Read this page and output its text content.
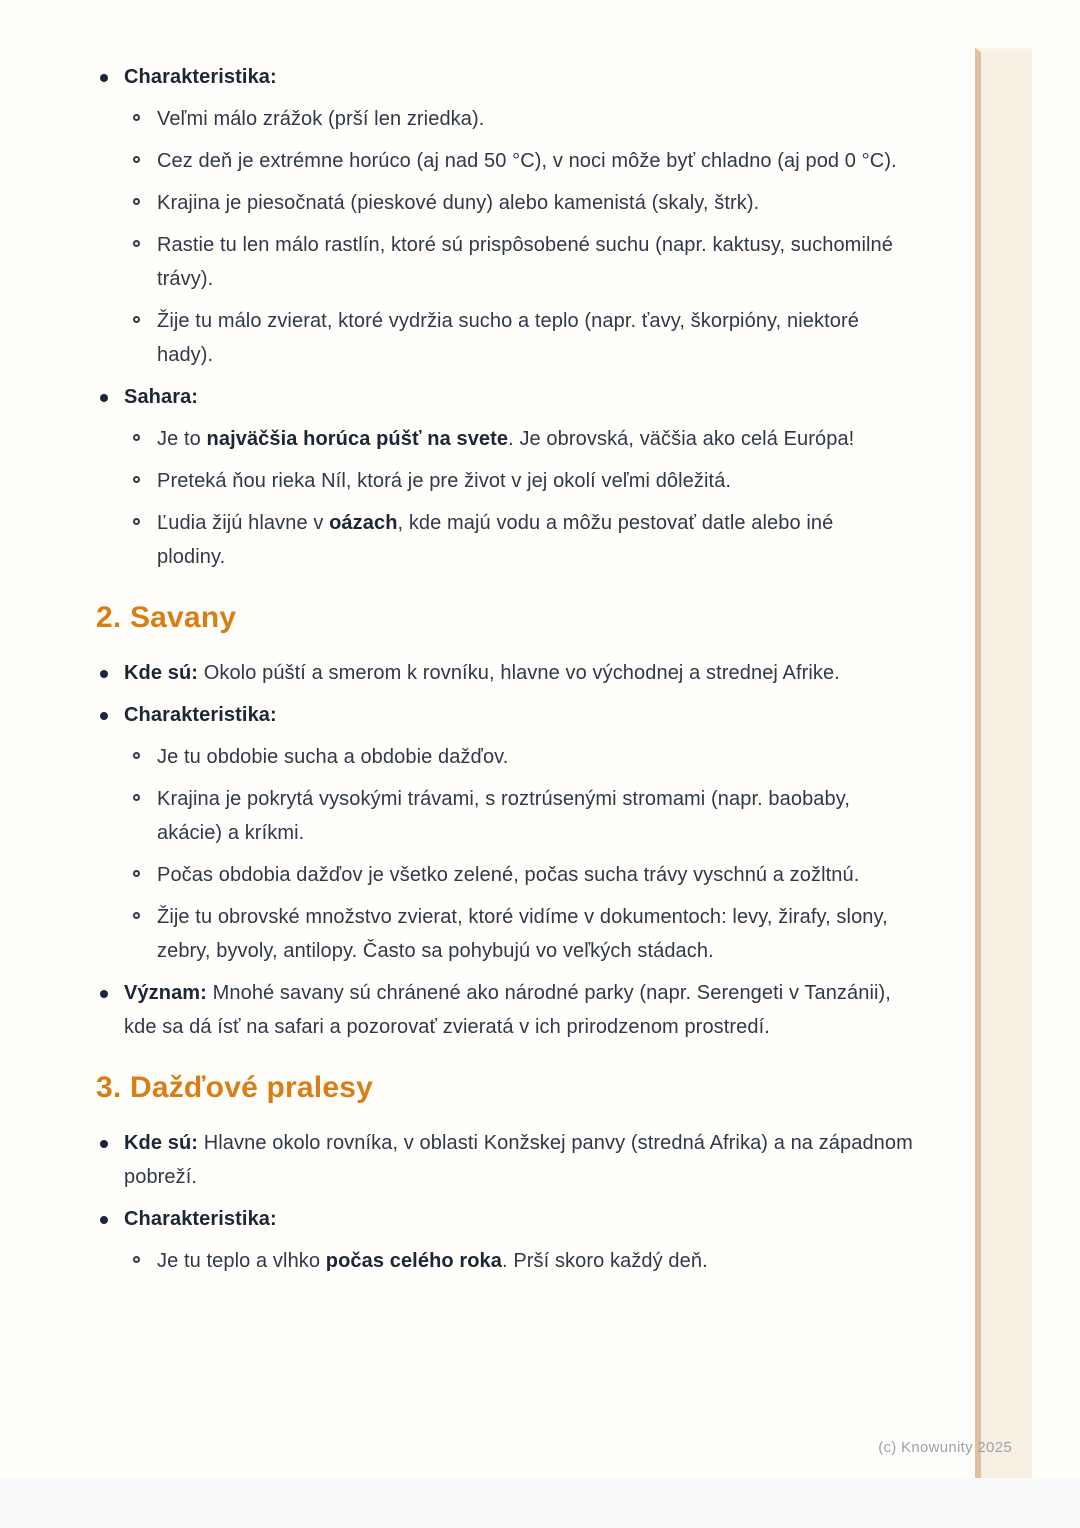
Charakteristika:
Veľmi málo zrážok (prší len zriedka).
Cez deň je extrémne horúco (aj nad 50 °C), v noci môže byť chladno (aj pod 0 °C).
Krajina je piesočnatá (pieskové duny) alebo kamenistá (skaly, štrk).
Rastie tu len málo rastlín, ktoré sú prispôsobené suchu (napr. kaktusy, suchomilné trávy).
Žije tu málo zvierat, ktoré vydržia sucho a teplo (napr. ťavy, škorpióny, niektoré hady).
Sahara:
Je to najväčšia horúca púšť na svete. Je obrovská, väčšia ako celá Európa!
Preteká ňou rieka Níl, ktorá je pre život v jej okolí veľmi dôležitá.
Ľudia žijú hlavne v oázach, kde majú vodu a môžu pestovať datle alebo iné plodiny.
2. Savany
Kde sú: Okolo púští a smerom k rovníku, hlavne vo východnej a strednej Afrike.
Charakteristika:
Je tu obdobie sucha a obdobie dažďov.
Krajina je pokrytá vysokými trávami, s roztrúsenými stromami (napr. baobaby, akácie) a kríkmi.
Počas obdobia dažďov je všetko zelené, počas sucha trávy vyschnú a zožltnú.
Žije tu obrovské množstvo zvierat, ktoré vidíme v dokumentoch: levy, žirafy, slony, zebry, byvoly, antilopy. Často sa pohybujú vo veľkých stádach.
Význam: Mnohé savany sú chránené ako národné parky (napr. Serengeti v Tanzánii), kde sa dá ísť na safari a pozorovať zvieratá v ich prirodzenom prostredí.
3. Dažďové pralesy
Kde sú: Hlavne okolo rovníka, v oblasti Konžskej panvy (stredná Afrika) a na západnom pobreží.
Charakteristika:
Je tu teplo a vlhko počas celého roka. Prší skoro každý deň.
(c) Knowunity 2025
